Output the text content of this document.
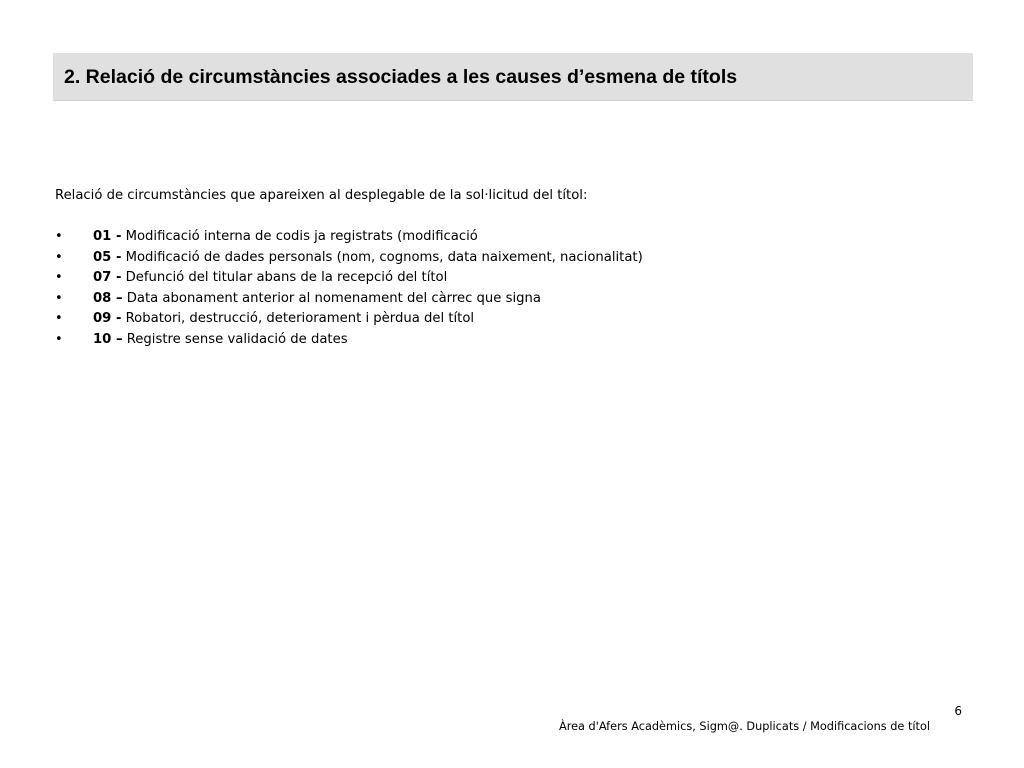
2. Relació de circumstàncies associades a les causes d’esmena de títols
Relació de circumstàncies que apareixen al desplegable de la sol·licitud del títol:
• 01 - Modificació interna de codis ja registrats (modificació
• 05 - Modificació de dades personals (nom, cognoms, data naixement, nacionalitat)
• 07 - Defunció del titular abans de la recepció del títol
• 08 – Data abonament anterior al nomenament del càrrec que signa
• 09 - Robatori, destrucció, deteriorament i pèrdua del títol
• 10 – Registre sense validació de dates
6
Àrea d'Afers Acadèmics, Sigm@. Duplicats / Modificacions de títol
